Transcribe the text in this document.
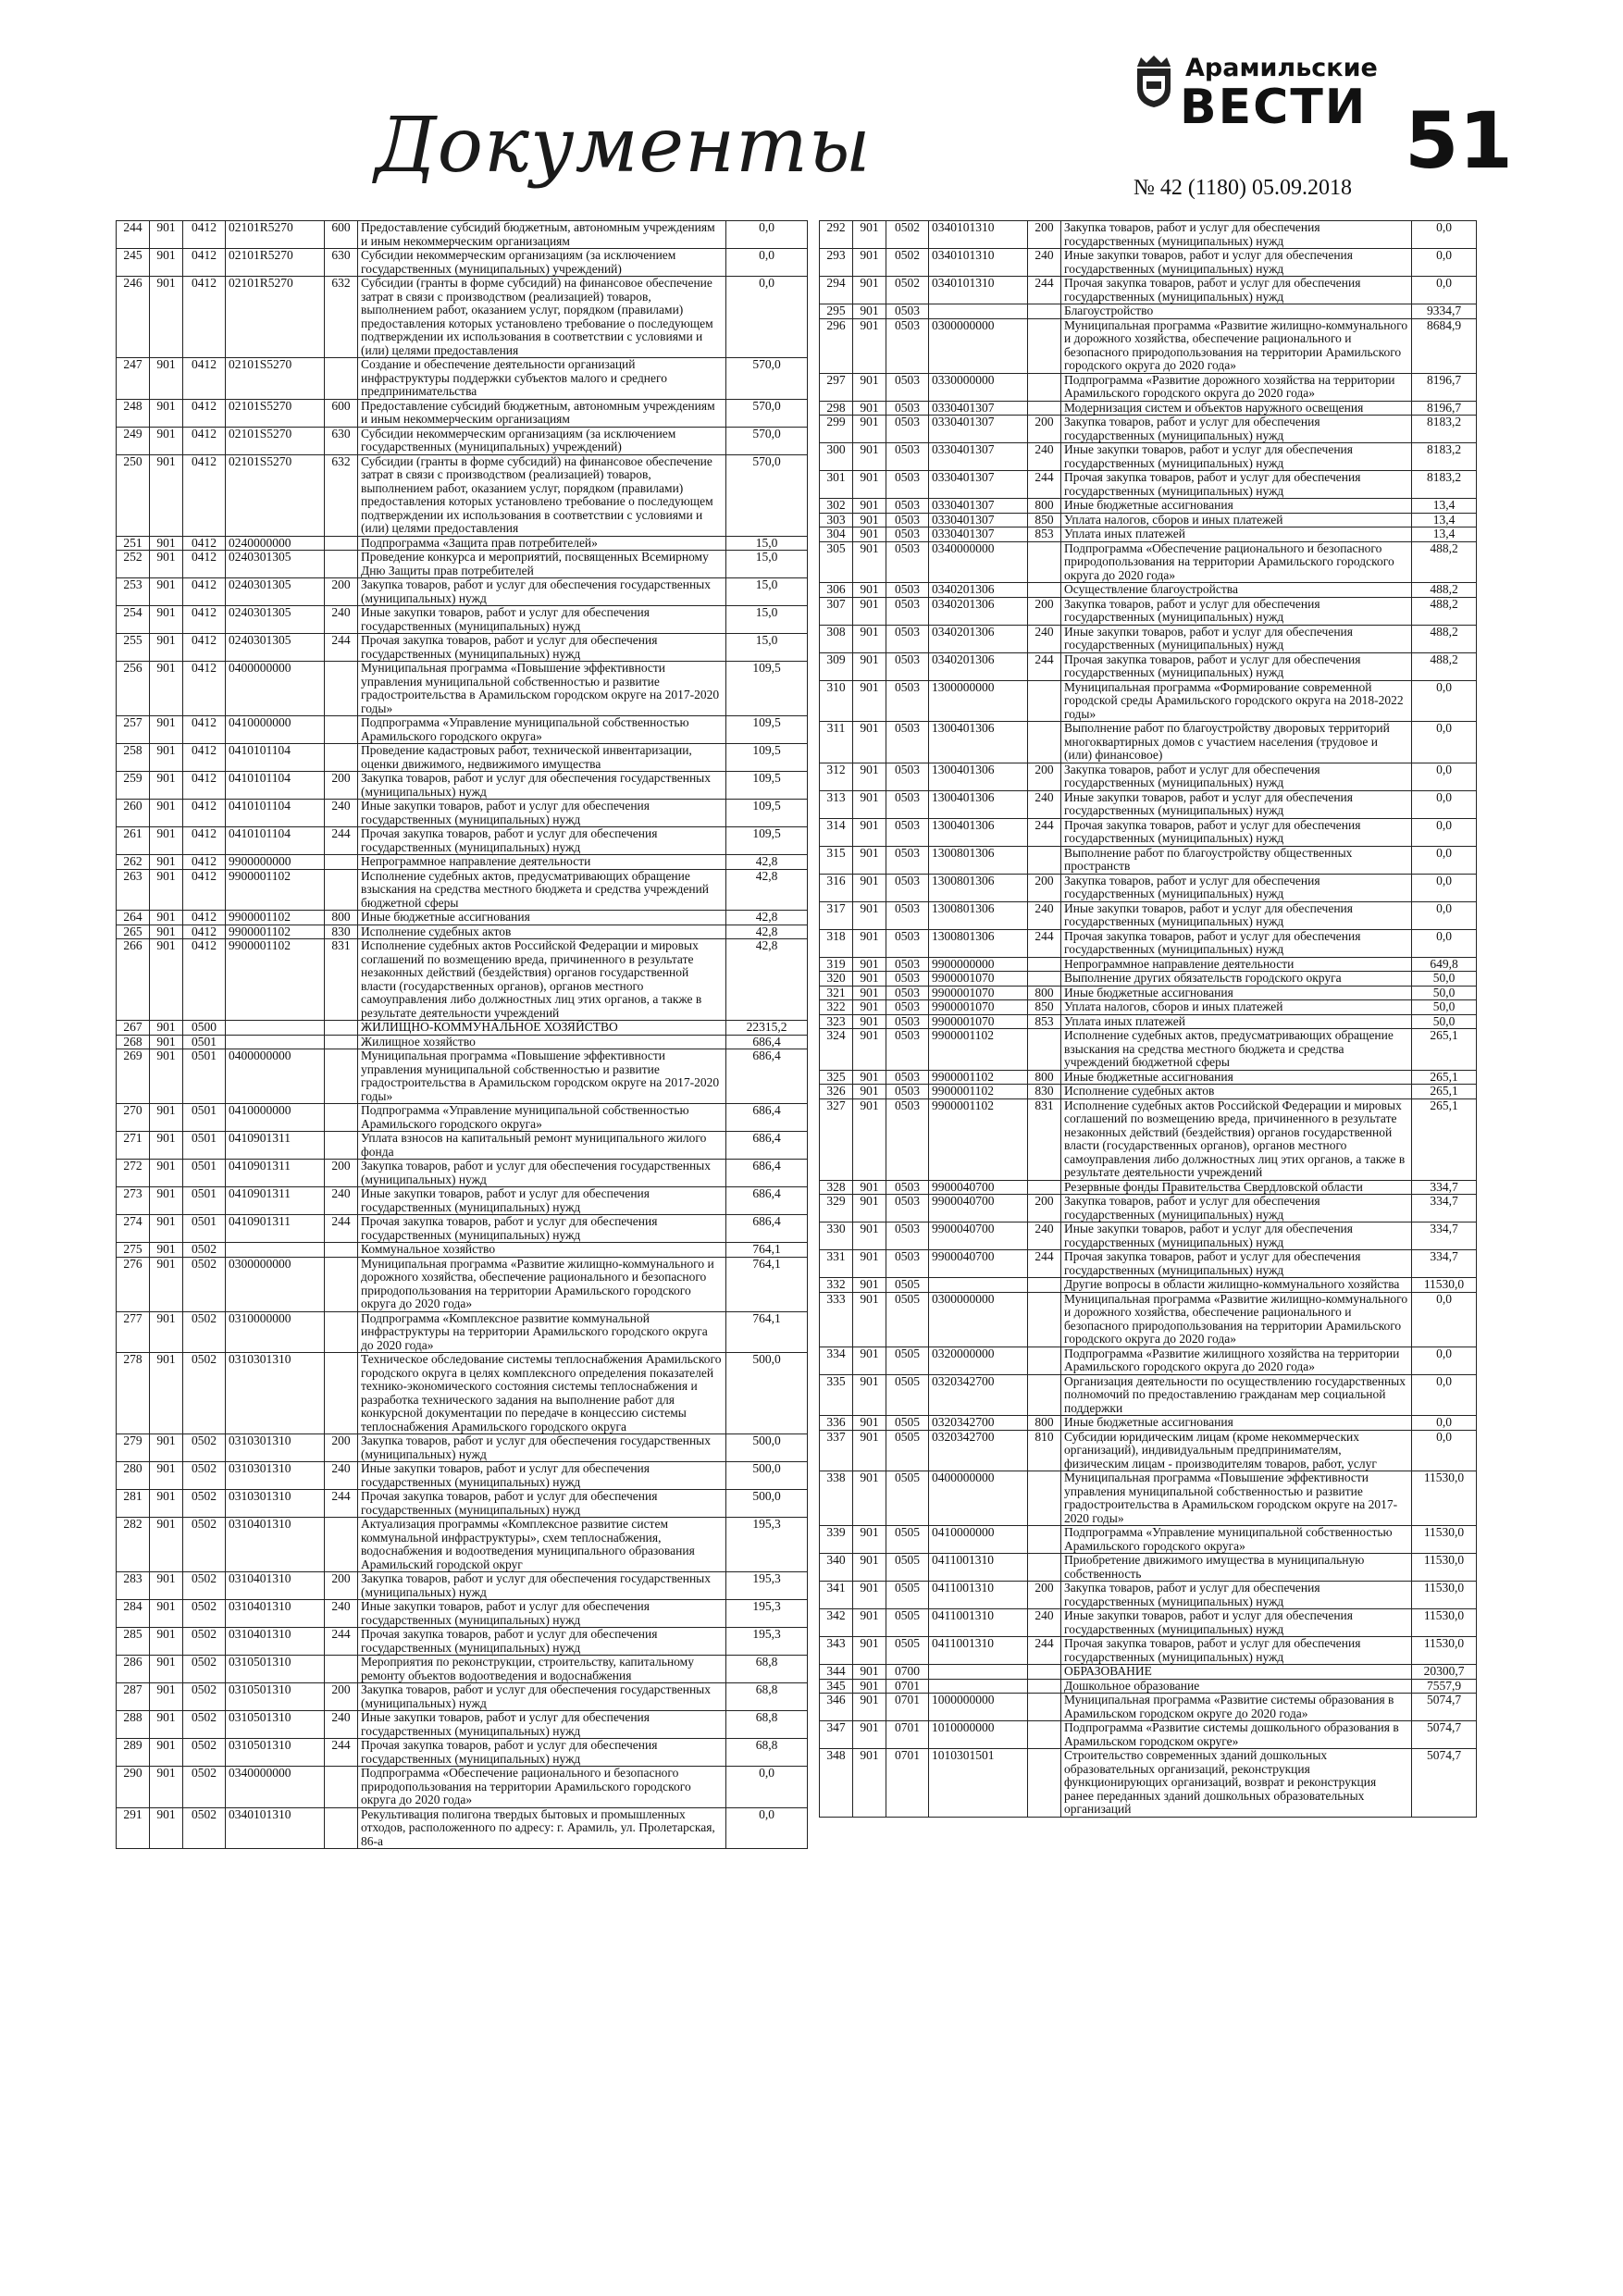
Документы
Арамильские
ВЕСТИ
№ 42 (1180) 05.09.2018
51
244	901	0412	02101R5270	600	Предоставление субсидий бюджетным, автономным учреждениям и иным некоммерческим организациям	0,0
245	901	0412	02101R5270	630	Субсидии некоммерческим организациям (за исключением государственных (муниципальных) учреждений)	0,0
246	901	0412	02101R5270	632	Субсидии (гранты в форме субсидий) на финансовое обеспечение затрат в связи с производством (реализацией) товаров, выполнением работ, оказанием услуг, порядком (правилами) предоставления которых установлено требование о последующем подтверждении их использования в соответствии с условиями и (или) целями предоставления	0,0
247	901	0412	02101S5270		Создание и обеспечение деятельности организаций инфраструктуры поддержки субъектов малого и среднего предпринимательства	570,0
248	901	0412	02101S5270	600	Предоставление субсидий бюджетным, автономным учреждениям и иным некоммерческим организациям	570,0
249	901	0412	02101S5270	630	Субсидии некоммерческим организациям (за исключением государственных (муниципальных) учреждений)	570,0
250	901	0412	02101S5270	632	Субсидии (гранты в форме субсидий) на финансовое обеспечение затрат в связи с производством (реализацией) товаров, выполнением работ, оказанием услуг, порядком (правилами) предоставления которых установлено требование о последующем подтверждении их использования в соответствии с условиями и (или) целями предоставления	570,0
251	901	0412	0240000000		Подпрограмма «Защита прав потребителей»	15,0
252	901	0412	0240301305		Проведение конкурса и мероприятий, посвященных Всемирному Дню Защиты прав потребителей	15,0
253	901	0412	0240301305	200	Закупка товаров, работ и услуг для обеспечения государственных (муниципальных) нужд	15,0
254	901	0412	0240301305	240	Иные закупки товаров, работ и услуг для обеспечения государственных (муниципальных) нужд	15,0
255	901	0412	0240301305	244	Прочая закупка товаров, работ и услуг для обеспечения государственных (муниципальных) нужд	15,0
256	901	0412	0400000000		Муниципальная программа «Повышение эффективности управления муниципальной собственностью и развитие градостроительства в Арамильском городском округе на 2017-2020 годы»	109,5
257	901	0412	0410000000		Подпрограмма «Управление муниципальной собственностью Арамильского городского округа»	109,5
258	901	0412	0410101104		Проведение кадастровых работ, технической инвентаризации, оценки движимого, недвижимого имущества	109,5
259	901	0412	0410101104	200	Закупка товаров, работ и услуг для обеспечения государственных (муниципальных) нужд	109,5
260	901	0412	0410101104	240	Иные закупки товаров, работ и услуг для обеспечения государственных (муниципальных) нужд	109,5
261	901	0412	0410101104	244	Прочая закупка товаров, работ и услуг для обеспечения государственных (муниципальных) нужд	109,5
262	901	0412	9900000000		Непрограммное направление деятельности	42,8
263	901	0412	9900001102		Исполнение судебных актов, предусматривающих обращение взыскания на средства местного бюджета и средства учреждений бюджетной сферы	42,8
264	901	0412	9900001102	800	Иные бюджетные ассигнования	42,8
265	901	0412	9900001102	830	Исполнение судебных актов	42,8
266	901	0412	9900001102	831	Исполнение судебных актов Российской Федерации и мировых соглашений по возмещению вреда, причиненного в результате незаконных действий (бездействия) органов государственной власти (государственных органов), органов местного самоуправления либо должностных лиц этих органов, а также в результате деятельности учреждений	42,8
267	901	0500			ЖИЛИЩНО-КОММУНАЛЬНОЕ ХОЗЯЙСТВО	22315,2
268	901	0501			Жилищное хозяйство	686,4
269	901	0501	0400000000		Муниципальная программа «Повышение эффективности управления муниципальной собственностью и развитие градостроительства в Арамильском городском округе на 2017-2020 годы»	686,4
270	901	0501	0410000000		Подпрограмма «Управление муниципальной собственностью Арамильского городского округа»	686,4
271	901	0501	0410901311		Уплата взносов на капитальный ремонт муниципального жилого фонда	686,4
272	901	0501	0410901311	200	Закупка товаров, работ и услуг для обеспечения государственных (муниципальных) нужд	686,4
273	901	0501	0410901311	240	Иные закупки товаров, работ и услуг для обеспечения государственных (муниципальных) нужд	686,4
274	901	0501	0410901311	244	Прочая закупка товаров, работ и услуг для обеспечения государственных (муниципальных) нужд	686,4
275	901	0502			Коммунальное хозяйство	764,1
276	901	0502	0300000000		Муниципальная программа «Развитие жилищно-коммунального и дорожного хозяйства, обеспечение рационального и безопасного природопользования на территории Арамильского городского округа до 2020 года»	764,1
277	901	0502	0310000000		Подпрограмма «Комплексное развитие коммунальной инфраструктуры на территории Арамильского городского округа до 2020 года»	764,1
278	901	0502	0310301310		Техническое обследование системы теплоснабжения Арамильского городского округа в целях комплексного определения показателей технико-экономического состояния системы теплоснабжения и разработка технического задания на выполнение работ для конкурсной документации по передаче в концессию системы теплоснабжения Арамильского городского округа	500,0
279	901	0502	0310301310	200	Закупка товаров, работ и услуг для обеспечения государственных (муниципальных) нужд	500,0
280	901	0502	0310301310	240	Иные закупки товаров, работ и услуг для обеспечения государственных (муниципальных) нужд	500,0
281	901	0502	0310301310	244	Прочая закупка товаров, работ и услуг для обеспечения государственных (муниципальных) нужд	500,0
282	901	0502	0310401310		Актуализация программы «Комплексное развитие систем коммунальной инфраструктуры», схем теплоснабжения, водоснабжения и водоотведения муниципального образования Арамильский городской округ	195,3
283	901	0502	0310401310	200	Закупка товаров, работ и услуг для обеспечения государственных (муниципальных) нужд	195,3
284	901	0502	0310401310	240	Иные закупки товаров, работ и услуг для обеспечения государственных (муниципальных) нужд	195,3
285	901	0502	0310401310	244	Прочая закупка товаров, работ и услуг для обеспечения государственных (муниципальных) нужд	195,3
286	901	0502	0310501310		Мероприятия по реконструкции, строительству, капитальному ремонту объектов водоотведения и водоснабжения	68,8
287	901	0502	0310501310	200	Закупка товаров, работ и услуг для обеспечения государственных (муниципальных) нужд	68,8
288	901	0502	0310501310	240	Иные закупки товаров, работ и услуг для обеспечения государственных (муниципальных) нужд	68,8
289	901	0502	0310501310	244	Прочая закупка товаров, работ и услуг для обеспечения государственных (муниципальных) нужд	68,8
290	901	0502	0340000000		Подпрограмма «Обеспечение рационального и безопасного природопользования на территории Арамильского городского округа до 2020 года»	0,0
291	901	0502	0340101310		Рекультивация полигона твердых бытовых и промышленных отходов, расположенного по адресу: г. Арамиль, ул. Пролетарская, 86-а	0,0
292	901	0502	0340101310	200	Закупка товаров, работ и услуг для обеспечения государственных (муниципальных) нужд	0,0
293	901	0502	0340101310	240	Иные закупки товаров, работ и услуг для обеспечения государственных (муниципальных) нужд	0,0
294	901	0502	0340101310	244	Прочая закупка товаров, работ и услуг для обеспечения государственных (муниципальных) нужд	0,0
295	901	0503			Благоустройство	9334,7
296	901	0503	0300000000		Муниципальная программа «Развитие жилищно-коммунального и дорожного хозяйства, обеспечение рационального и безопасного природопользования на территории Арамильского городского округа до 2020 года»	8684,9
297	901	0503	0330000000		Подпрограмма «Развитие дорожного хозяйства на территории Арамильского городского округа до 2020 года»	8196,7
298	901	0503	0330401307		Модернизация систем и объектов наружного освещения	8196,7
299	901	0503	0330401307	200	Закупка товаров, работ и услуг для обеспечения государственных (муниципальных) нужд	8183,2
300	901	0503	0330401307	240	Иные закупки товаров, работ и услуг для обеспечения государственных (муниципальных) нужд	8183,2
301	901	0503	0330401307	244	Прочая закупка товаров, работ и услуг для обеспечения государственных (муниципальных) нужд	8183,2
302	901	0503	0330401307	800	Иные бюджетные ассигнования	13,4
303	901	0503	0330401307	850	Уплата налогов, сборов и иных платежей	13,4
304	901	0503	0330401307	853	Уплата иных платежей	13,4
305	901	0503	0340000000		Подпрограмма «Обеспечение рационального и безопасного природопользования на территории Арамильского городского округа до 2020 года»	488,2
306	901	0503	0340201306		Осуществление благоустройства	488,2
307	901	0503	0340201306	200	Закупка товаров, работ и услуг для обеспечения государственных (муниципальных) нужд	488,2
308	901	0503	0340201306	240	Иные закупки товаров, работ и услуг для обеспечения государственных (муниципальных) нужд	488,2
309	901	0503	0340201306	244	Прочая закупка товаров, работ и услуг для обеспечения государственных (муниципальных) нужд	488,2
310	901	0503	1300000000		Муниципальная программа «Формирование современной городской среды Арамильского городского округа на 2018-2022 годы»	0,0
311	901	0503	1300401306		Выполнение работ по благоустройству дворовых территорий многоквартирных домов с участием населения (трудовое и (или) финансовое)	0,0
312	901	0503	1300401306	200	Закупка товаров, работ и услуг для обеспечения государственных (муниципальных) нужд	0,0
313	901	0503	1300401306	240	Иные закупки товаров, работ и услуг для обеспечения государственных (муниципальных) нужд	0,0
314	901	0503	1300401306	244	Прочая закупка товаров, работ и услуг для обеспечения государственных (муниципальных) нужд	0,0
315	901	0503	1300801306		Выполнение работ по благоустройству общественных пространств	0,0
316	901	0503	1300801306	200	Закупка товаров, работ и услуг для обеспечения государственных (муниципальных) нужд	0,0
317	901	0503	1300801306	240	Иные закупки товаров, работ и услуг для обеспечения государственных (муниципальных) нужд	0,0
318	901	0503	1300801306	244	Прочая закупка товаров, работ и услуг для обеспечения государственных (муниципальных) нужд	0,0
319	901	0503	9900000000		Непрограммное направление деятельности	649,8
320	901	0503	9900001070		Выполнение других обязательств городского округа	50,0
321	901	0503	9900001070	800	Иные бюджетные ассигнования	50,0
322	901	0503	9900001070	850	Уплата налогов, сборов и иных платежей	50,0
323	901	0503	9900001070	853	Уплата иных платежей	50,0
324	901	0503	9900001102		Исполнение судебных актов, предусматривающих обращение взыскания на средства местного бюджета и средства учреждений бюджетной сферы	265,1
325	901	0503	9900001102	800	Иные бюджетные ассигнования	265,1
326	901	0503	9900001102	830	Исполнение судебных актов	265,1
327	901	0503	9900001102	831	Исполнение судебных актов Российской Федерации и мировых соглашений по возмещению вреда, причиненного в результате незаконных действий (бездействия) органов государственной власти (государственных органов), органов местного самоуправления либо должностных лиц этих органов, а также в результате деятельности учреждений	265,1
328	901	0503	9900040700		Резервные фонды Правительства Свердловской области	334,7
329	901	0503	9900040700	200	Закупка товаров, работ и услуг для обеспечения государственных (муниципальных) нужд	334,7
330	901	0503	9900040700	240	Иные закупки товаров, работ и услуг для обеспечения государственных (муниципальных) нужд	334,7
331	901	0503	9900040700	244	Прочая закупка товаров, работ и услуг для обеспечения государственных (муниципальных) нужд	334,7
332	901	0505			Другие вопросы в области жилищно-коммунального хозяйства	11530,0
333	901	0505	0300000000		Муниципальная программа «Развитие жилищно-коммунального и дорожного хозяйства, обеспечение рационального и безопасного природопользования на территории Арамильского городского округа до 2020 года»	0,0
334	901	0505	0320000000		Подпрограмма «Развитие жилищного хозяйства на территории Арамильского городского округа до 2020 года»	0,0
335	901	0505	0320342700		Организация деятельности по осуществлению государственных полномочий по предоставлению гражданам мер социальной поддержки	0,0
336	901	0505	0320342700	800	Иные бюджетные ассигнования	0,0
337	901	0505	0320342700	810	Субсидии юридическим лицам (кроме некоммерческих организаций), индивидуальным предпринимателям, физическим лицам - производителям товаров, работ, услуг	0,0
338	901	0505	0400000000		Муниципальная программа «Повышение эффективности управления муниципальной собственностью и развитие градостроительства в Арамильском городском округе на 2017-2020 годы»	11530,0
339	901	0505	0410000000		Подпрограмма «Управление муниципальной собственностью Арамильского городского округа»	11530,0
340	901	0505	0411001310		Приобретение движимого имущества в муниципальную собственность	11530,0
341	901	0505	0411001310	200	Закупка товаров, работ и услуг для обеспечения государственных (муниципальных) нужд	11530,0
342	901	0505	0411001310	240	Иные закупки товаров, работ и услуг для обеспечения государственных (муниципальных) нужд	11530,0
343	901	0505	0411001310	244	Прочая закупка товаров, работ и услуг для обеспечения государственных (муниципальных) нужд	11530,0
344	901	0700			ОБРАЗОВАНИЕ	20300,7
345	901	0701			Дошкольное образование	7557,9
346	901	0701	1000000000		Муниципальная программа «Развитие системы образования в Арамильском городском округе до 2020 года»	5074,7
347	901	0701	1010000000		Подпрограмма «Развитие системы дошкольного образования в Арамильском городском округе»	5074,7
348	901	0701	1010301501		Строительство современных зданий дошкольных образовательных организаций, реконструкция функционирующих организаций, возврат и реконструкция ранее переданных зданий дошкольных образовательных организаций	5074,7
